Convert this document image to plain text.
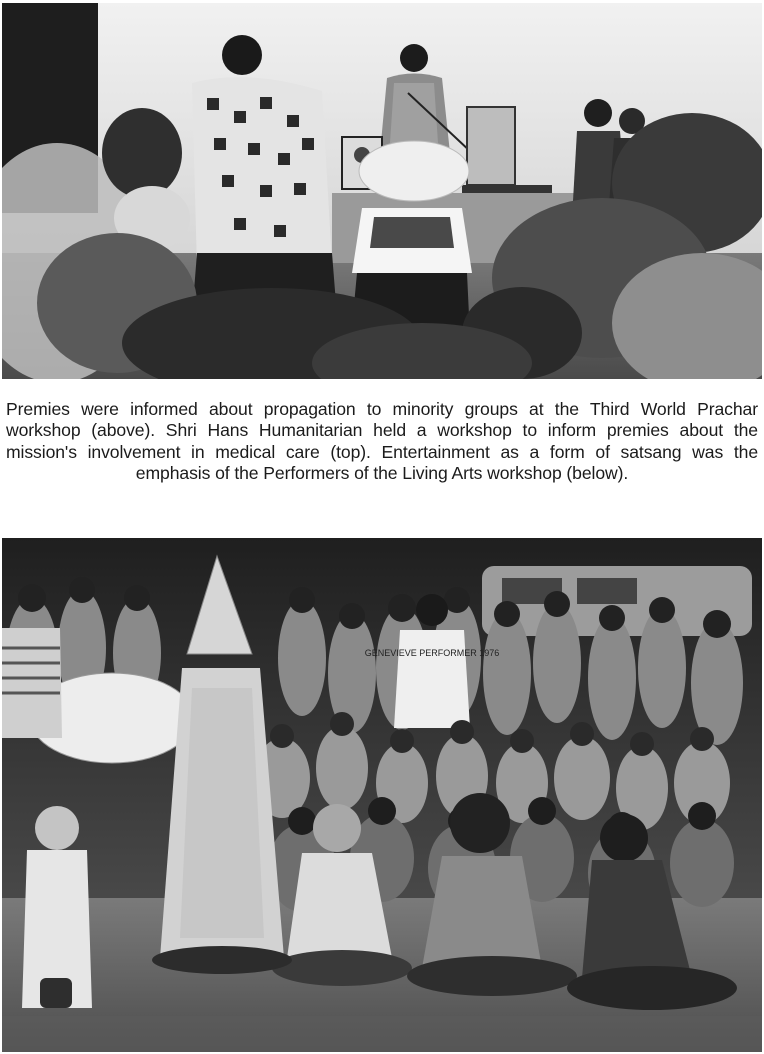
Premies were informed about propagation to minority groups at the Third World Prachar workshop (above). Shri Hans Humanitarian held a workshop to inform premies about the mission's involvement in medical care (top). Entertainment as a form of satsang was the emphasis of the Performers of the Living Arts workshop (below).
GENEVIEVE PERFORMER 1976
